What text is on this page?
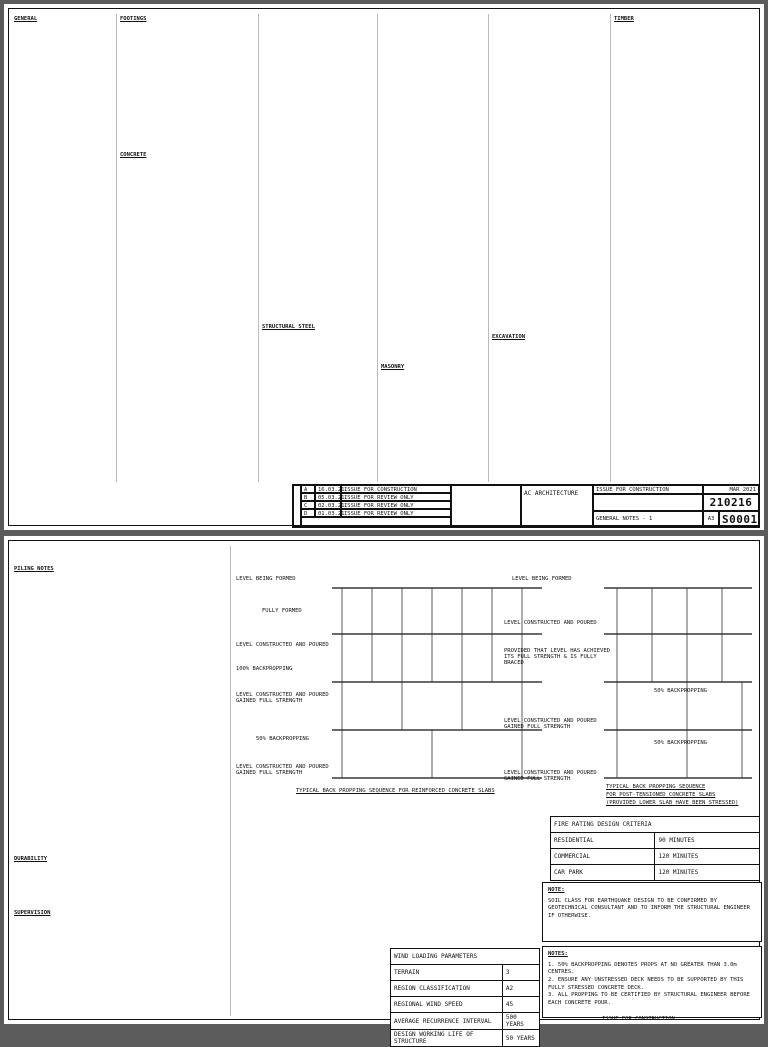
GENERAL	FOOTINGS
CONCRETE
STRUCTURAL STEEL
MASONRY
EXCAVATION
TIMBER
A	16.03.21 ISSUE FOR CONSTRUCTION
B	05.03.21 ISSUE FOR REVIEW ONLY
C	02.03.21 ISSUE FOR REVIEW ONLY
D	01.03.21 ISSUE FOR REVIEW ONLY
AC ARCHITECTURE	ISSUE FOR CONSTRUCTION	MAR 2021
210216
GENERAL NOTES - 1	A3 S0001
PILING NOTES
DURABILITY
SUPERVISION
LEVEL BEING FORMED
FULLY FORMED
LEVEL CONSTRUCTED AND POURED
100% BACKPROPPING
LEVEL CONSTRUCTED AND POURED GAINED FULL STRENGTH
50% BACKPROPPING
LEVEL CONSTRUCTED AND POURED GAINED FULL STRENGTH
LEVEL BEING FORMED
LEVEL CONSTRUCTED AND POURED
PROVIDED THAT LEVEL HAS ACHIEVED ITS FULL STRENGTH & IS FULLY BRACED
50% BACKPROPPING
LEVEL CONSTRUCTED AND POURED GAINED FULL STRENGTH
50% BACKPROPPING
LEVEL CONSTRUCTED AND POURED GAINED FULL STRENGTH
TYPICAL BACK PROPPING SEQUENCE FOR REINFORCED CONCRETE SLABS
TYPICAL BACK PROPPING SEQUENCE
FOR POST-TENSIONED CONCRETE SLABS
(PROVIDED LOWER SLAB HAVE BEEN STRESSED)
FIRE RATING DESIGN CRITERIA	
RESIDENTIAL	90 MINUTES
COMMERCIAL	120 MINUTES
CAR PARK	120 MINUTES
NOTE:
SOIL CLASS FOR EARTHQUAKE DESIGN TO BE CONFIRMED BY GEOTECHNICAL CONSULTANT AND TO INFORM THE STRUCTURAL ENGINEER IF OTHERWISE.
WIND LOADING PARAMETERS	
TERRAIN	3
REGION CLASSIFICATION	A2
REGIONAL WIND SPEED	45
AVERAGE RECURRENCE INTERVAL	500 YEARS
DESIGN WORKING LIFE OF STRUCTURE	50 YEARS
NOTES:
1. 50% BACKPROPPING DENOTES PROPS AT NO GREATER THAN 3.0m CENTRES.
2. ENSURE ANY UNSTRESSED DECK NEEDS TO BE SUPPORTED BY THIS FULLY STRESSED CONCRETE DECK.
3. ALL PROPPING TO BE CERTIFIED BY STRUCTURAL ENGINEER BEFORE EACH CONCRETE POUR.
ISSUE FOR CONSTRUCTION
